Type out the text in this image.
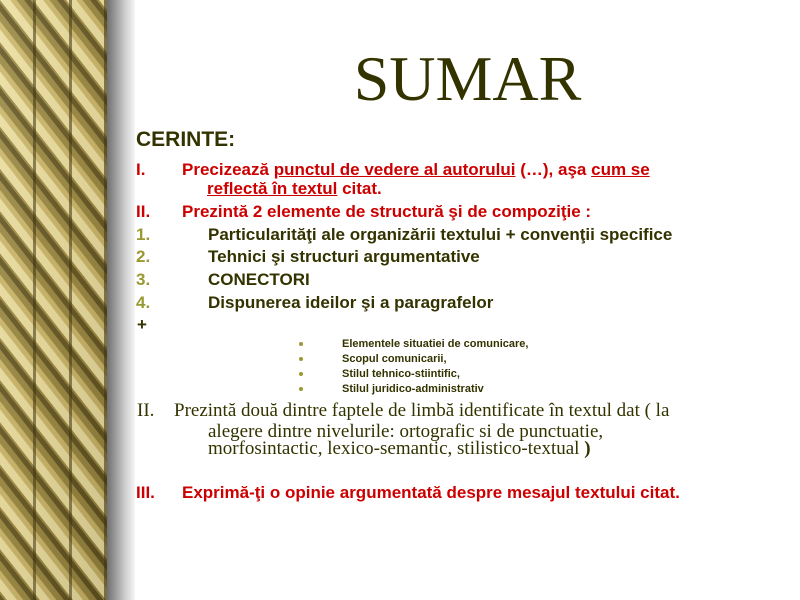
SUMAR
CERINTE:
I. Precizează punctul de vedere al autorului (…), aşa cum se
reflectă în textul citat.
II. Prezintă 2 elemente de structură şi de compoziţie :
1.	Particularităţi ale organizării textului + convenţii specifice
2.	Tehnici şi structuri argumentative
3.	CONECTORI
4.	Dispunerea ideilor şi a paragrafelor
+
Elementele situatiei de comunicare,
Scopul comunicarii,
Stilul tehnico-stiintific,
Stilul juridico-administrativ
II. Prezintă două dintre faptele de limbă identificate în textul dat ( la
alegere dintre nivelurile: ortografic si de punctuatie,
morfosintactic, lexico-semantic, stilistico-textual )
III. Exprimă-ţi o opinie argumentată despre mesajul textului citat.
